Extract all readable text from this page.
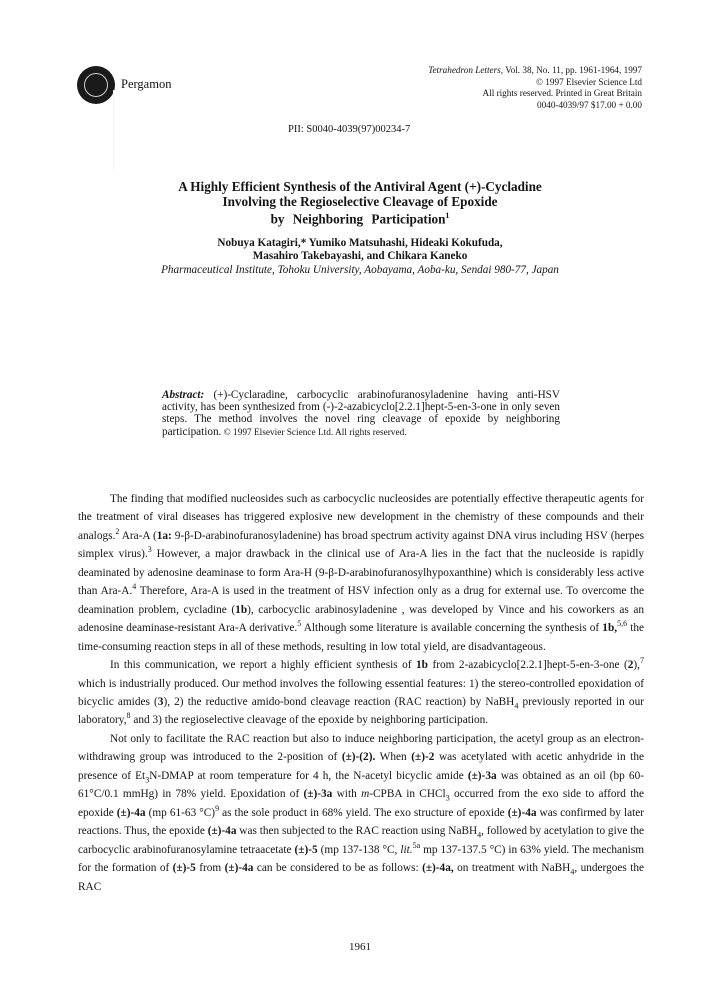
Pergamon
Tetrahedron Letters, Vol. 38, No. 11, pp. 1961-1964, 1997
© 1997 Elsevier Science Ltd
All rights reserved. Printed in Great Britain
0040-4039/97 $17.00 + 0.00
PII: S0040-4039(97)00234-7
A Highly Efficient Synthesis of the Antiviral Agent (+)-Cycladine
Involving the Regioselective Cleavage of Epoxide
by Neighboring Participation$^1$
Nobuya Katagiri,* Yumiko Matsuhashi, Hideaki Kokufuda,
Masahiro Takebayashi, and Chikara Kaneko
Pharmaceutical Institute, Tohoku University, Aobayama, Aoba-ku, Sendai 980-77, Japan
Abstract: (+)-Cyclaradine, carbocyclic arabinofuranosyladenine having anti-HSV activity, has been synthesized from (-)-2-azabicyclo[2.2.1]hept-5-en-3-one in only seven steps. The method involves the novel ring cleavage of epoxide by neighboring participation. © 1997 Elsevier Science Ltd. All rights reserved.

The finding that modified nucleosides such as carbocyclic nucleosides are potentially effective therapeutic agents for the treatment of viral diseases has triggered explosive new development in the chemistry of these compounds and their analogs.$^2$ Ara-A (1a: 9-β-D-arabinofuranosyladenine) has broad spectrum activity against DNA virus including HSV (herpes simplex virus).$^3$ However, a major drawback in the clinical use of Ara-A lies in the fact that the nucleoside is rapidly deaminated by adenosine deaminase to form Ara-H (9-β-D-arabinofuranosylhypoxanthine) which is considerably less active than Ara-A.$^4$ Therefore, Ara-A is used in the treatment of HSV infection only as a drug for external use. To overcome the deamination problem, cycladine (1b), carbocyclic arabinosyladenine , was developed by Vince and his coworkers as an adenosine deaminase-resistant Ara-A derivative.$^5$ Although some literature is available concerning the synthesis of 1b,$^{5,6}$ the time-consuming reaction steps in all of these methods, resulting in low total yield, are disadvantageous.

In this communication, we report a highly efficient synthesis of 1b from 2-azabicyclo[2.2.1]hept-5-en-3-one (2),$^7$ which is industrially produced. Our method involves the following essential features: 1) the stereo-controlled epoxidation of bicyclic amides (3), 2) the reductive amido-bond cleavage reaction (RAC reaction) by NaBH$_4$ previously reported in our laboratory,$^8$ and 3) the regioselective cleavage of the epoxide by neighboring participation.

Not only to facilitate the RAC reaction but also to induce neighboring participation, the acetyl group as an electron-withdrawing group was introduced to the 2-position of (±)-(2). When (±)-2 was acetylated with acetic anhydride in the presence of $Et_3N$-DMAP at room temperature for 4 h, the N-acetyl bicyclic amide (±)-3a was obtained as an oil (bp 60-61°C/0.1 mmHg) in 78% yield. Epoxidation of (±)-3a with m-CPBA in CHCl$_3$ occurred from the exo side to afford the epoxide (±)-4a (mp 61-63 °C)$^9$ as the sole product in 68% yield. The exo structure of epoxide (±)-4a was confirmed by later reactions. Thus, the epoxide (±)-4a was then subjected to the RAC reaction using NaBH$_4$, followed by acetylation to give the carbocyclic arabinofuranosylamine tetraacetate (±)-5 (mp 137-138 °C, lit.$^{5a}$ mp 137-137.5 °C) in 63% yield. The mechanism for the formation of (±)-5 from (±)-4a can be considered to be as follows: (±)-4a, on treatment with NaBH$_4$, undergoes the RAC

1961
